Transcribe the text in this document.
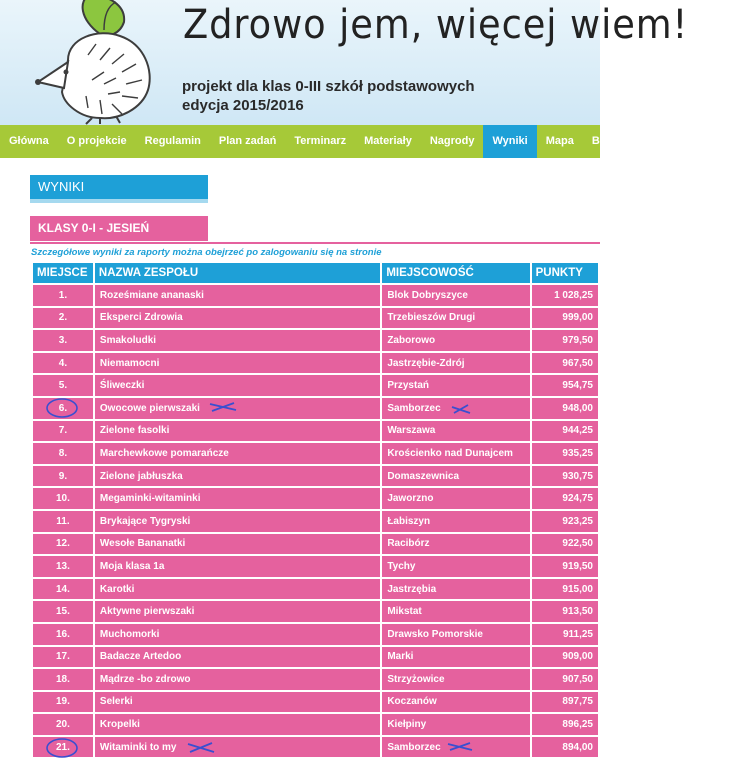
Zdrowo jem, więcej wiem!
projekt dla klas 0-III szkół podstawowych
edycja 2015/2016
Główna	O projekcie	Regulamin	Plan zadań	Terminarz	Materiały	Nagrody	Wyniki	Mapa	Bank scenariuszy	FAQ
WYNIKI
KLASY 0-I - JESIEŃ
Szczegółowe wyniki za raporty można obejrzeć po zalogowaniu się na stronie
MIEJSCE	NAZWA ZESPOŁU	MIEJSCOWOŚĆ	PUNKTY
1.	Roześmiane ananaski	Blok Dobryszyce	1 028,25
2.	Eksperci Zdrowia	Trzebieszów Drugi	999,00
3.	Smakoludki	Zaborowo	979,50
4.	Niemamocni	Jastrzębie-Zdrój	967,50
5.	Śliweczki	Przystań	954,75
6.	Owocowe pierwszaki	Samborzec	948,00
7.	Zielone fasolki	Warszawa	944,25
8.	Marchewkowe pomarańcze	Krościenko nad Dunajcem	935,25
9.	Zielone jabłuszka	Domaszewnica	930,75
10.	Megaminki-witaminki	Jaworzno	924,75
11.	Brykające Tygryski	Łabiszyn	923,25
12.	Wesołe Bananatki	Racibórz	922,50
13.	Moja klasa 1a	Tychy	919,50
14.	Karotki	Jastrzębia	915,00
15.	Aktywne pierwszaki	Mikstat	913,50
16.	Muchomorki	Drawsko Pomorskie	911,25
17.	Badacze Artedoo	Marki	909,00
18.	Mądrze -bo zdrowo	Strzyżowice	907,50
19.	Selerki	Koczanów	897,75
20.	Kropelki	Kiełpiny	896,25
21.	Witaminki to my	Samborzec	894,00
